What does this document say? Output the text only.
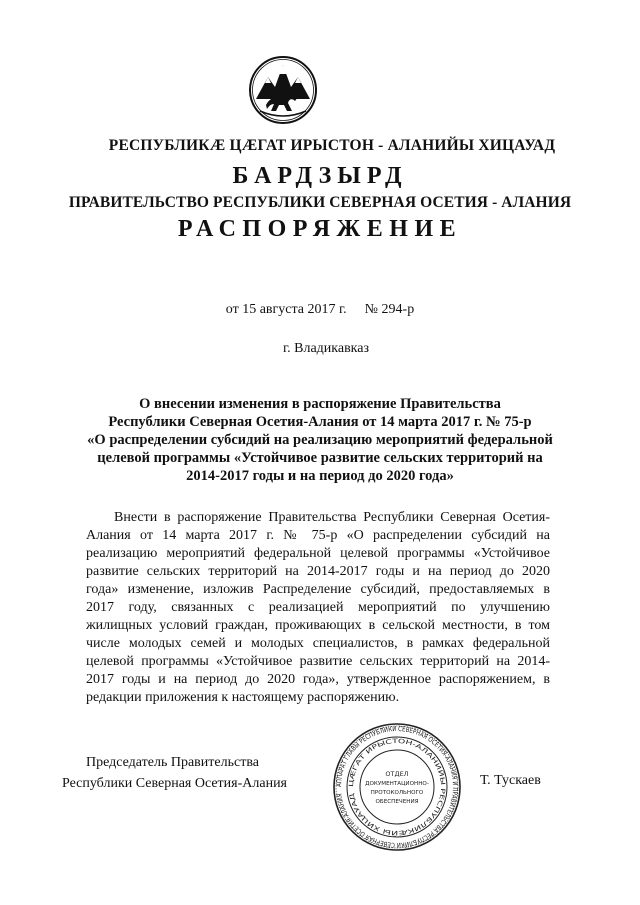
РЕСПУБЛИКÆ ЦÆГАТ ИРЫСТОН - АЛАНИЙЫ ХИЦАУАД
БАРДЗЫРД
ПРАВИТЕЛЬСТВО РЕСПУБЛИКИ СЕВЕРНАЯ ОСЕТИЯ - АЛАНИЯ
РАСПОРЯЖЕНИЕ
от 15 августа 2017 г. № 294-р
г. Владикавказ
О внесении изменения в распоряжение Правительства
Республики Северная Осетия-Алания от 14 марта 2017 г. № 75-р
«О распределении субсидий на реализацию мероприятий федеральной
целевой программы «Устойчивое развитие сельских территорий на
2014-2017 годы и на период до 2020 года»
Внести в распоряжение Правительства Республики Северная Осетия-
Алания от 14 марта 2017 г. № 75-р «О распределении субсидий на
реализацию мероприятий федеральной целевой программы «Устойчивое
развитие сельских территорий на 2014-2017 годы и на период до 2020
года» изменение, изложив Распределение субсидий, предоставляемых в
2017 году, связанных с реализацией мероприятий по улучшению
жилищных условий граждан, проживающих в сельской местности, в том
числе молодых семей и молодых специалистов, в рамках федеральной
целевой программы «Устойчивое развитие сельских территорий на 2014-
2017 годы и на период до 2020 года», утвержденное распоряжением, в
редакции приложения к настоящему распоряжению.
Председатель Правительства
Республики Северная Осетия-Алания	АППАРАТ ГЛАВЫ РЕСПУБЛИКИ СЕВЕРНАЯ ОСЕТИЯ-АЛАНИЯ И ПРАВИТЕЛЬСТВА РЕСПУБЛИКИ СЕВЕРНАЯ ОСЕТИЯ-АЛАНИЯ
ЦÆГАТ ИРЫСТОН-АЛАНИЙЫ РЕСПУБЛИКÆЙЫ ХИЦАУАД
ОТДЕЛ
ДОКУМЕНТАЦИОННО-
ПРОТОКОЛЬНОГО
ОБЕСПЕЧЕНИЯ
Т. Тускаев
